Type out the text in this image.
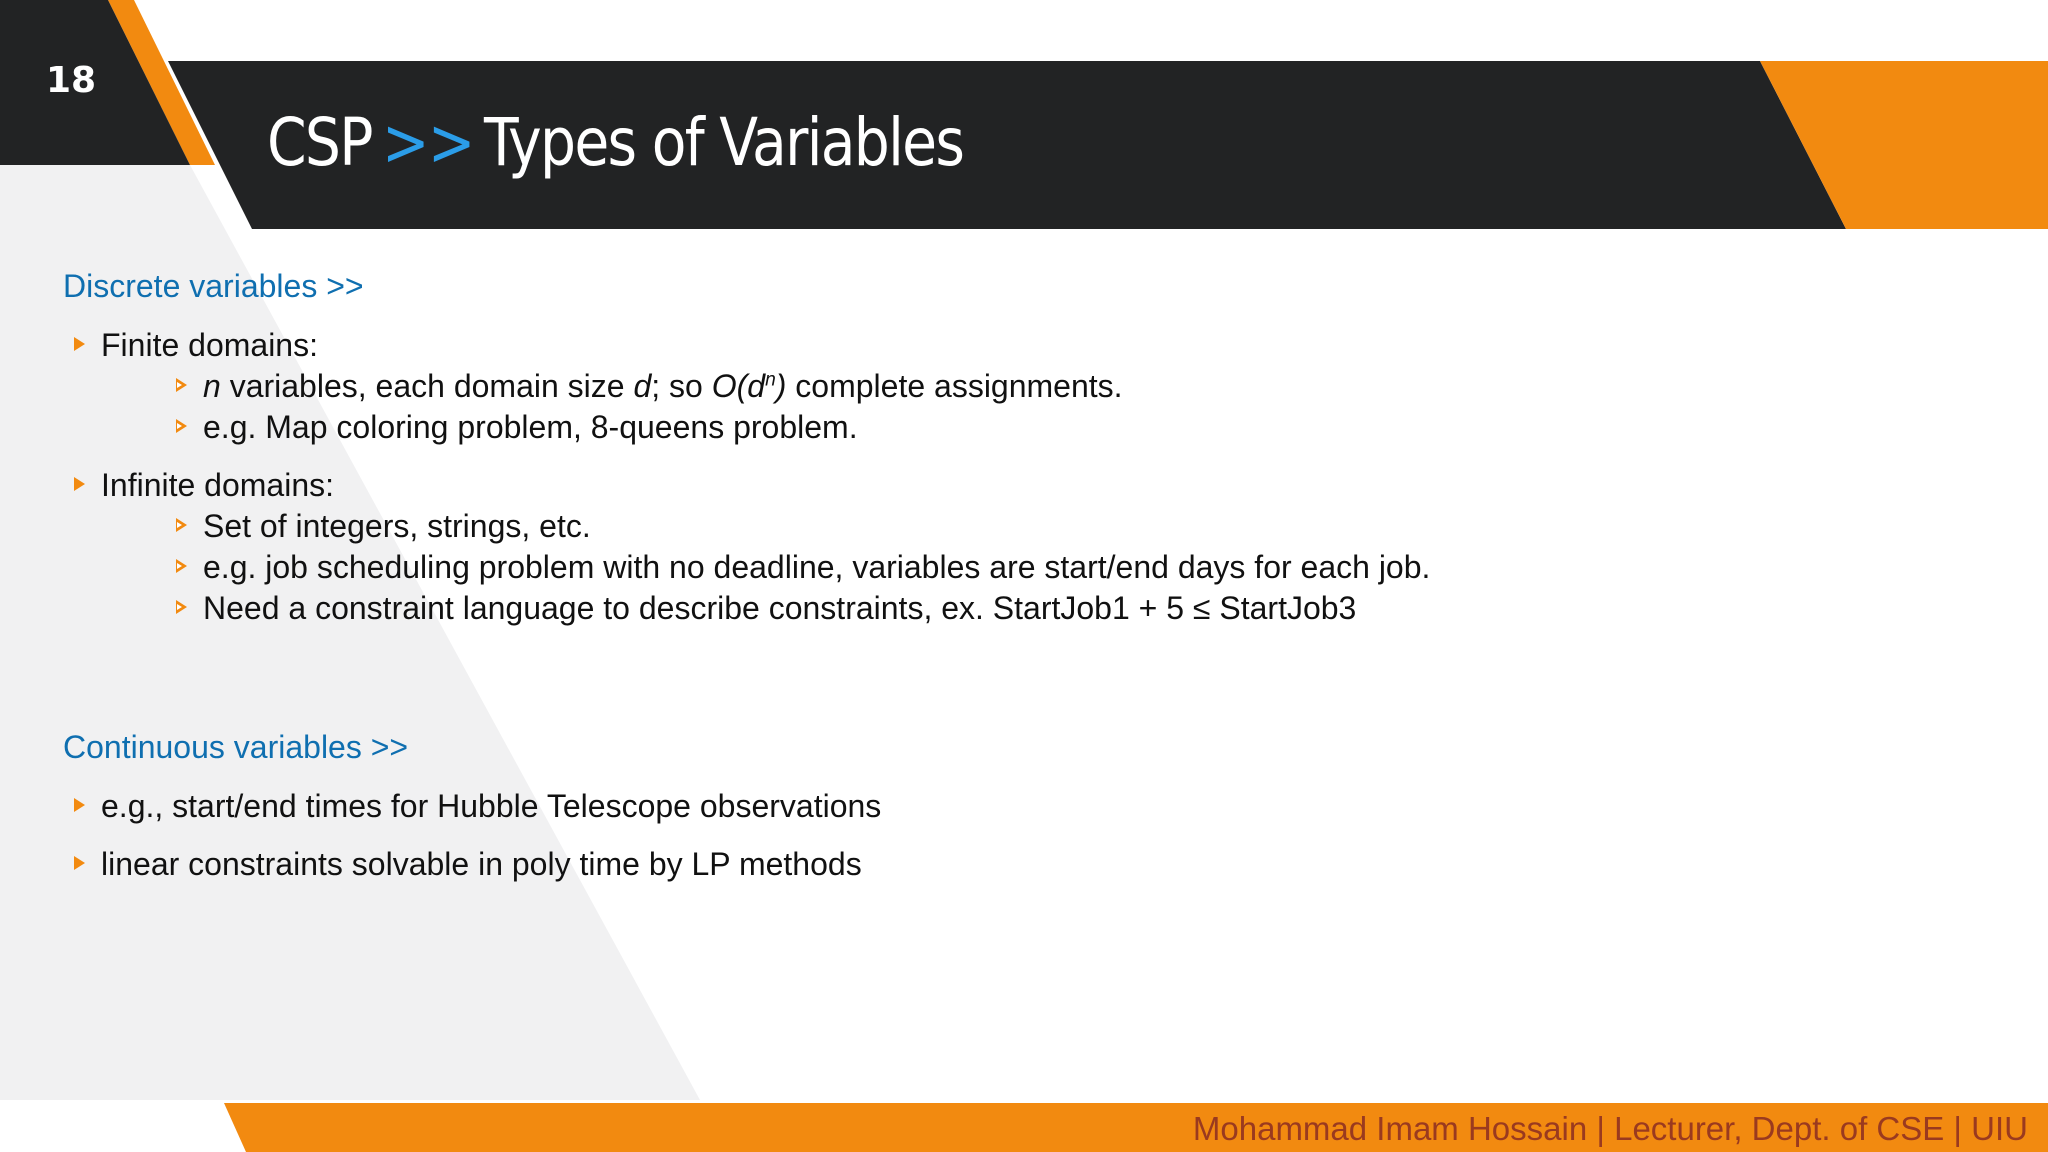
18
CSP >> Types of Variables
Discrete variables >>
Finite domains:
n variables, each domain size d; so $O(d^n)$ complete assignments.
e.g. Map coloring problem, 8-queens problem.
Infinite domains:
Set of integers, strings, etc.
e.g. job scheduling problem with no deadline, variables are start/end days for each job.
Need a constraint language to describe constraints, ex. StartJob1 + 5 ≤ StartJob3
Continuous variables >>
e.g., start/end times for Hubble Telescope observations
linear constraints solvable in poly time by LP methods
Mohammad Imam Hossain | Lecturer, Dept. of CSE | UIU
